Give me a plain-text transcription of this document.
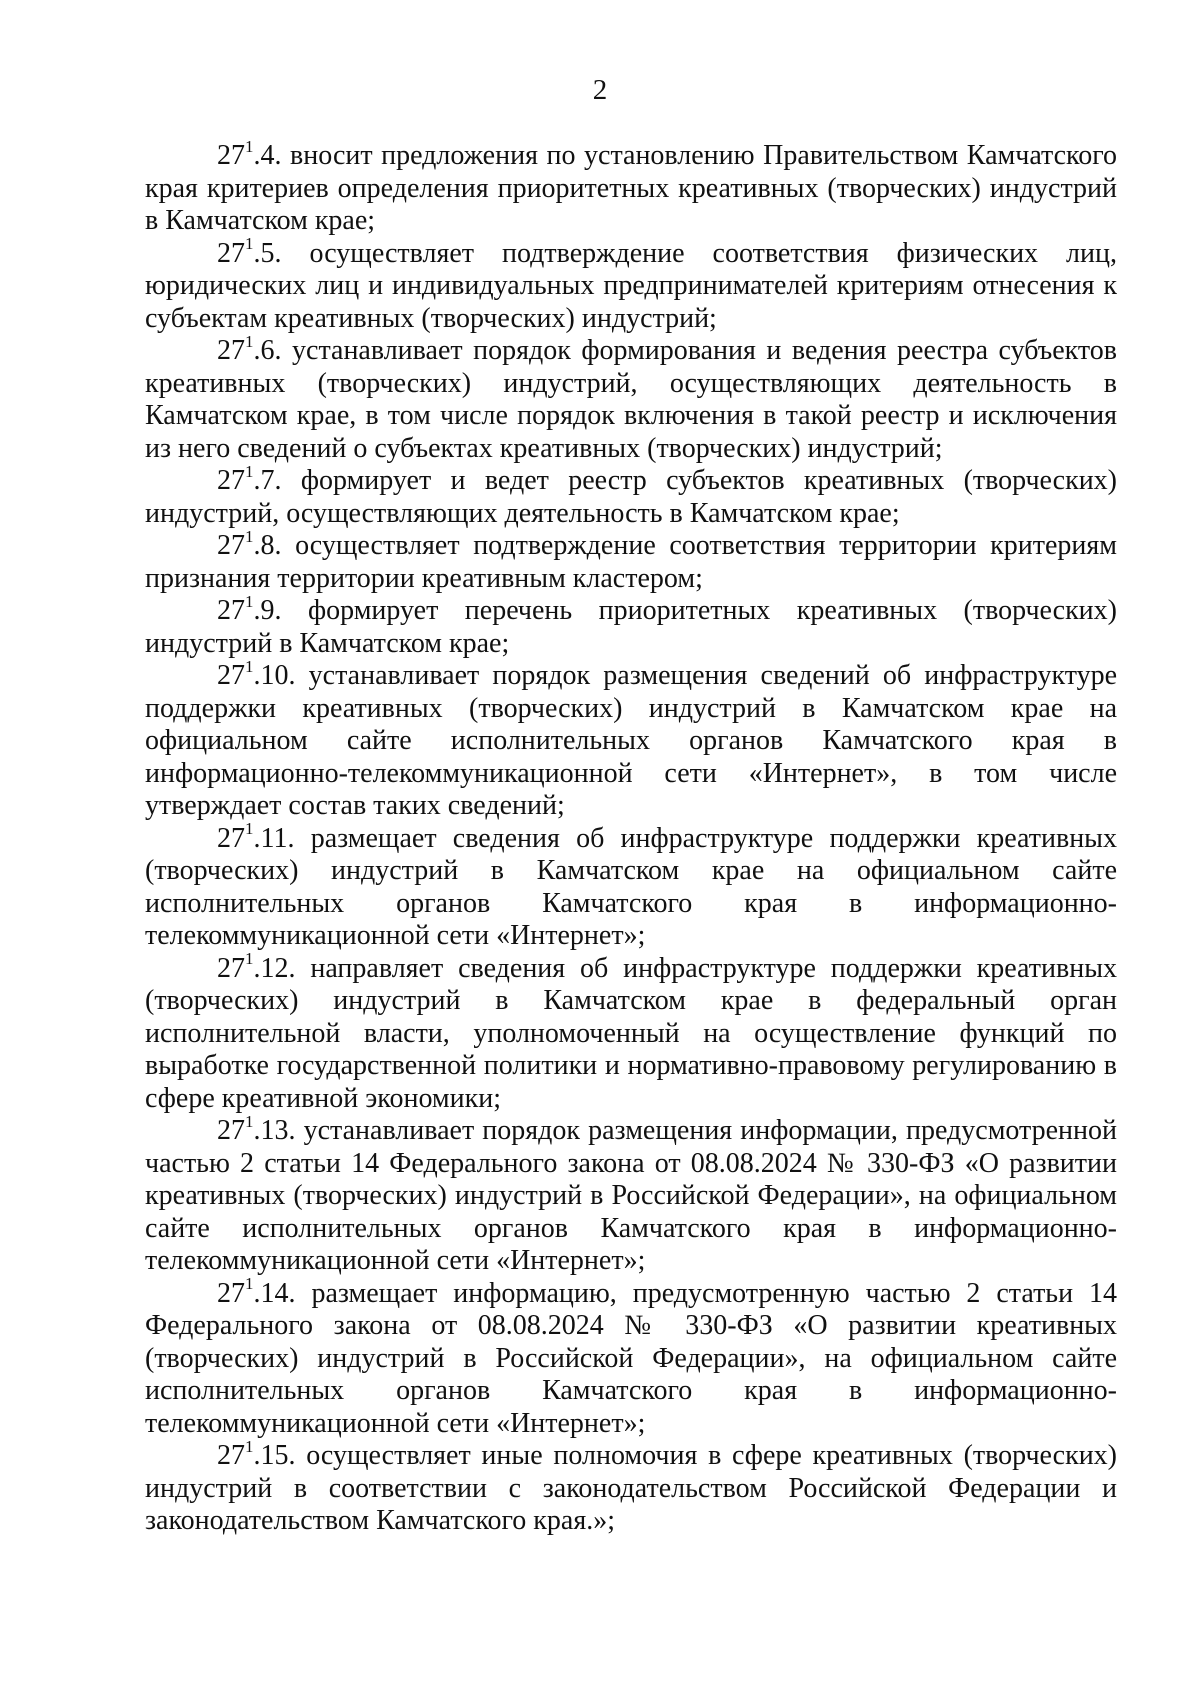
2

$27^1.4$. вносит предложения по установлению Правительством Камчатского края критериев определения приоритетных креативных (творческих) индустрий в Камчатском крае;

$27^1.5$. осуществляет подтверждение соответствия физических лиц, юридических лиц и индивидуальных предпринимателей критериям отнесения к субъектам креативных (творческих) индустрий;

$27^1.6$. устанавливает порядок формирования и ведения реестра субъектов креативных (творческих) индустрий, осуществляющих деятельность в Камчатском крае, в том числе порядок включения в такой реестр и исключения из него сведений о субъектах креативных (творческих) индустрий;

$27^1.7$. формирует и ведет реестр субъектов креативных (творческих) индустрий, осуществляющих деятельность в Камчатском крае;

$27^1.8$. осуществляет подтверждение соответствия территории критериям признания территории креативным кластером;

$27^1.9$. формирует перечень приоритетных креативных (творческих) индустрий в Камчатском крае;

$27^1.10$. устанавливает порядок размещения сведений об инфраструктуре поддержки креативных (творческих) индустрий в Камчатском крае на официальном сайте исполнительных органов Камчатского края в информационно-телекоммуникационной сети «Интернет», в том числе утверждает состав таких сведений;

$27^1.11$. размещает сведения об инфраструктуре поддержки креативных (творческих) индустрий в Камчатском крае на официальном сайте исполнительных органов Камчатского края в информационно-телекоммуникационной сети «Интернет»;

$27^1.12$. направляет сведения об инфраструктуре поддержки креативных (творческих) индустрий в Камчатском крае в федеральный орган исполнительной власти, уполномоченный на осуществление функций по выработке государственной политики и нормативно-правовому регулированию в сфере креативной экономики;

$27^1.13$. устанавливает порядок размещения информации, предусмотренной частью 2 статьи 14 Федерального закона от 08.08.2024 № 330-ФЗ «О развитии креативных (творческих) индустрий в Российской Федерации», на официальном сайте исполнительных органов Камчатского края в информационно-телекоммуникационной сети «Интернет»;

$27^1.14$. размещает информацию, предусмотренную частью 2 статьи 14 Федерального закона от 08.08.2024 № 330-ФЗ «О развитии креативных (творческих) индустрий в Российской Федерации», на официальном сайте исполнительных органов Камчатского края в информационно-телекоммуникационной сети «Интернет»;

$27^1.15$. осуществляет иные полномочия в сфере креативных (творческих) индустрий в соответствии с законодательством Российской Федерации и законодательством Камчатского края.»;
